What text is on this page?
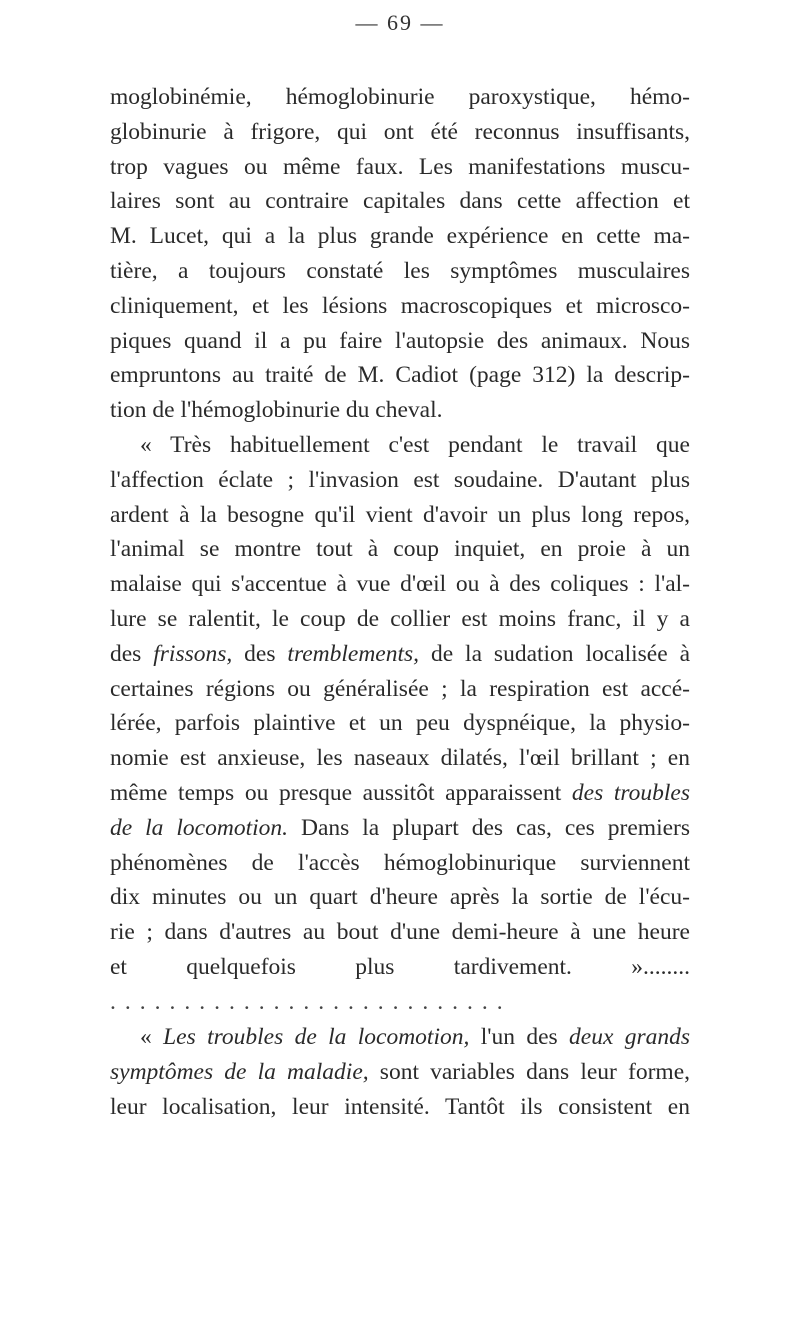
— 69 —
moglobinémie, hémoglobinurie paroxystique, hémo-
globinurie à frigore, qui ont été reconnus insuffisants,
trop vagues ou même faux. Les manifestations muscu-
laires sont au contraire capitales dans cette affection et
M. Lucet, qui a la plus grande expérience en cette ma-
tière, a toujours constaté les symptômes musculaires
cliniquement, et les lésions macroscopiques et microsco-
piques quand il a pu faire l'autopsie des animaux. Nous
empruntons au traité de M. Cadiot (page 312) la descrip-
tion de l'hémoglobinurie du cheval.
« Très habituellement c'est pendant le travail que
l'affection éclate ; l'invasion est soudaine. D'autant plus
ardent à la besogne qu'il vient d'avoir un plus long repos,
l'animal se montre tout à coup inquiet, en proie à un
malaise qui s'accentue à vue d'œil ou à des coliques : l'al-
lure se ralentit, le coup de collier est moins franc, il y a
des frissons, des tremblements, de la sudation localisée à
certaines régions ou généralisée ; la respiration est accé-
lérée, parfois plaintive et un peu dyspnéique, la physio-
nomie est anxieuse, les naseaux dilatés, l'œil brillant ; en
même temps ou presque aussitôt apparaissent des troubles
de la locomotion. Dans la plupart des cas, ces premiers
phénomènes de l'accès hémoglobinurique surviennent
dix minutes ou un quart d'heure après la sortie de l'écu-
rie ; dans d'autres au bout d'une demi-heure à une heure
et quelquefois plus tardivement. »........
...........................
« Les troubles de la locomotion, l'un des deux grands
symptômes de la maladie, sont variables dans leur forme,
leur localisation, leur intensité. Tantôt ils consistent en
